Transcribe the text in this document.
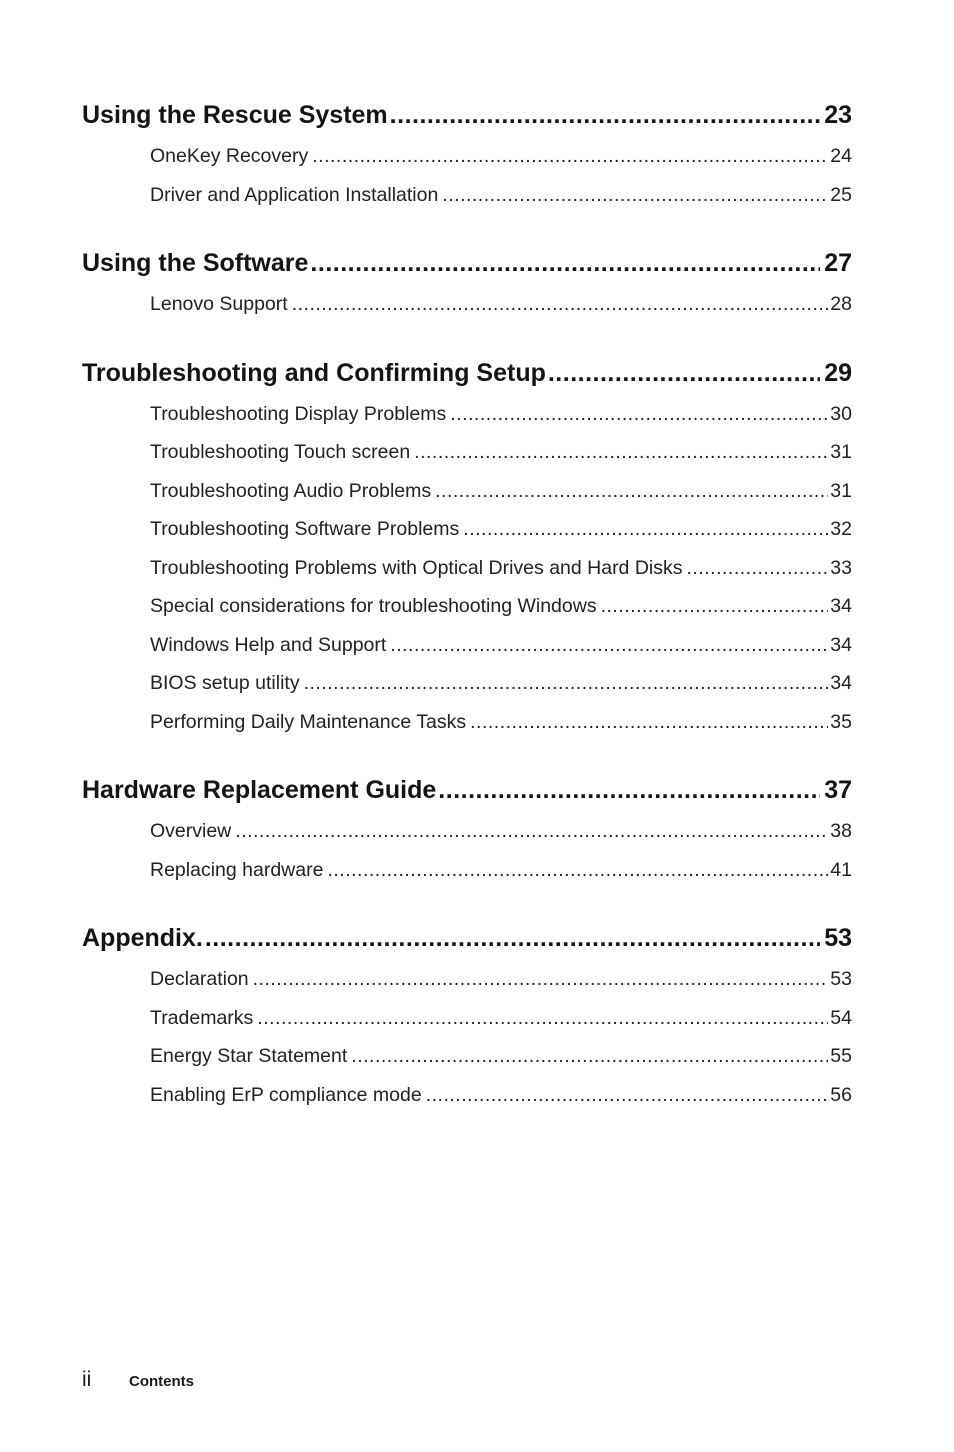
Using the Rescue System .....	23
OneKey Recovery .....	24
Driver and Application Installation .....	25
Using the Software .....	27
Lenovo Support .....	28
Troubleshooting and Confirming Setup .....	29
Troubleshooting Display Problems .....	30
Troubleshooting Touch screen .....	31
Troubleshooting Audio Problems .....	31
Troubleshooting Software Problems .....	32
Troubleshooting Problems with Optical Drives and Hard Disks .....	33
Special considerations for troubleshooting Windows .....	34
Windows Help and Support .....	34
BIOS setup utility .....	34
Performing Daily Maintenance Tasks .....	35
Hardware Replacement Guide .....	37
Overview .....	38
Replacing hardware .....	41
Appendix. .....	53
Declaration .....	53
Trademarks .....	54
Energy Star Statement .....	55
Enabling ErP compliance mode .....	56
ii	Contents
